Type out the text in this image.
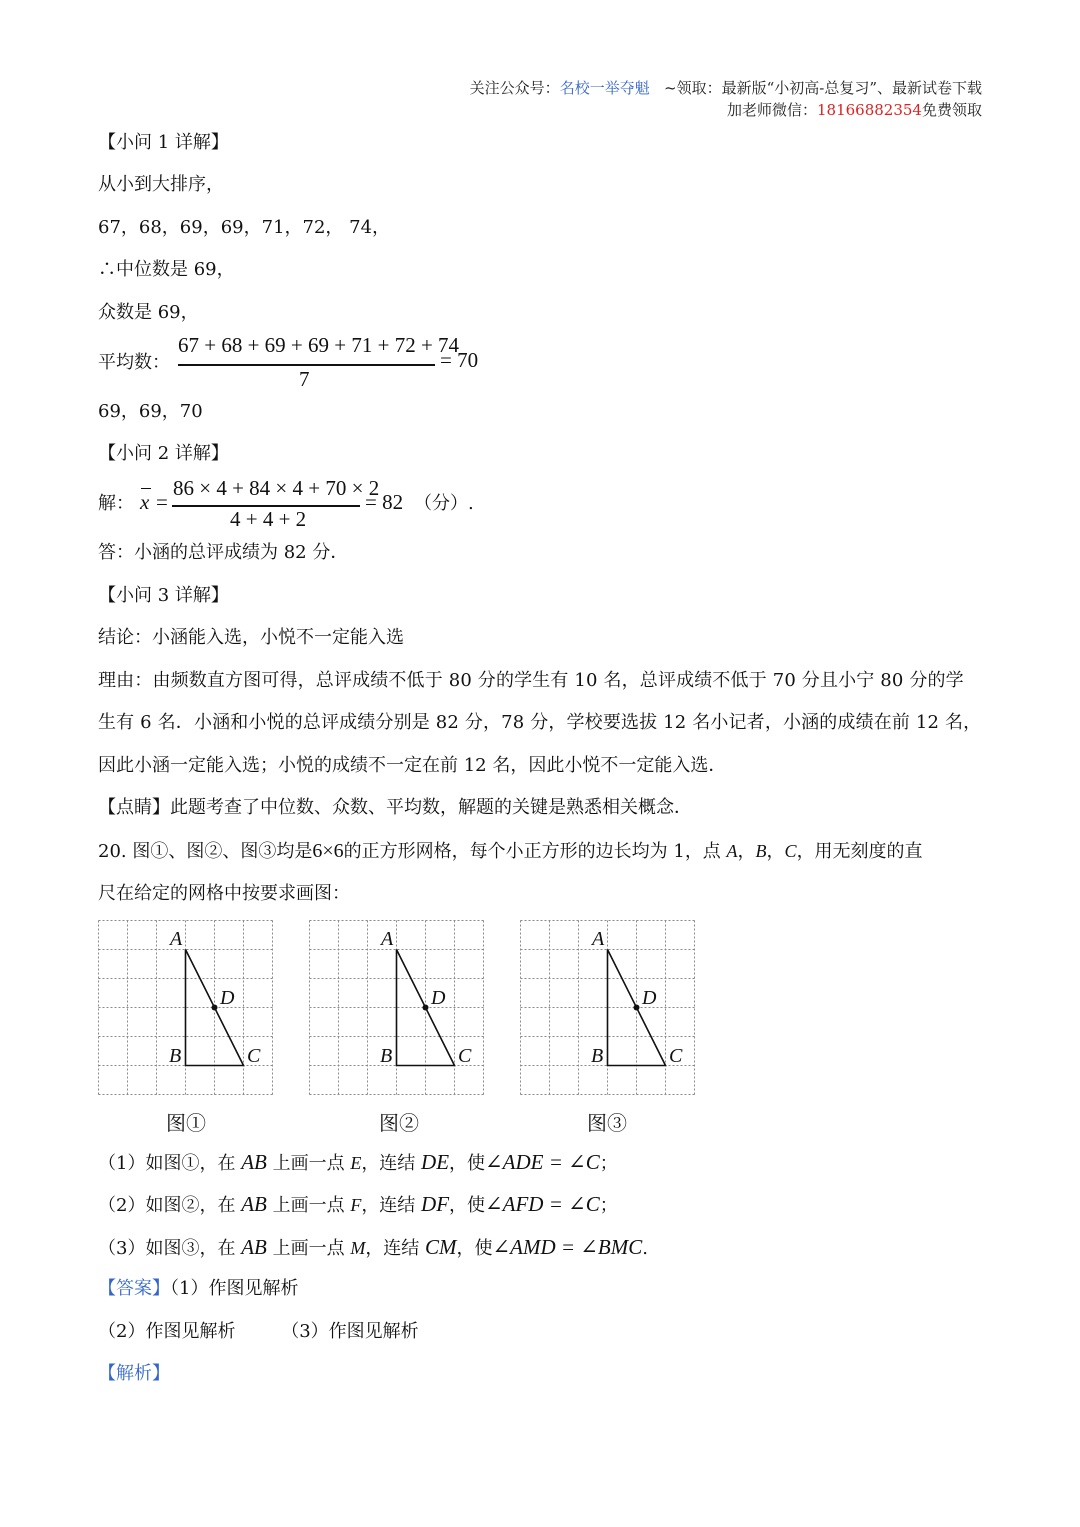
关注公众号：名校一举夺魁 ~领取：最新版“小初高-总复习”、最新试卷下载
加老师微信：18166882354免费领取
【小问 1 详解】
从小到大排序，
67，68，69，69，71，72， 74，
∴中位数是 69，
众数是 69，
平均数：
67 + 68 + 69 + 69 + 71 + 72 + 74
7
= 70
69，69，70
【小问 2 详解】
解： x =
86 × 4 + 84 × 4 + 70 × 2
4 + 4 + 2
= 82 （分）.
答：小涵的总评成绩为 82 分．
【小问 3 详解】
结论：小涵能入选，小悦不一定能入选
理由：由频数直方图可得，总评成绩不低于 80 分的学生有 10 名，总评成绩不低于 70 分且小宁 80 分的学
生有 6 名．小涵和小悦的总评成绩分别是 82 分，78 分，学校要选拔 12 名小记者，小涵的成绩在前 12 名，
因此小涵一定能入选；小悦的成绩不一定在前 12 名，因此小悦不一定能入选．
【点睛】此题考查了中位数、众数、平均数，解题的关键是熟悉相关概念．
20. 图①、图②、图③均是6×6的正方形网格，每个小正方形的边长均为 1，点 A，B，C，用无刻度的直
尺在给定的网格中按要求画图：
A
D
B	C
A
D
B	C
A
D
B	C
图①	图②	图③
（1）如图①，在 AB 上画一点 E，连结 DE，使∠ADE = ∠C；
（2）如图②，在 AB 上画一点 F，连结 DF，使∠AFD = ∠C；
（3）如图③，在 AB 上画一点 M，连结 CM，使∠AMD = ∠BMC.
【答案】（1）作图见解析
（2）作图见解析	（3）作图见解析
【解析】
